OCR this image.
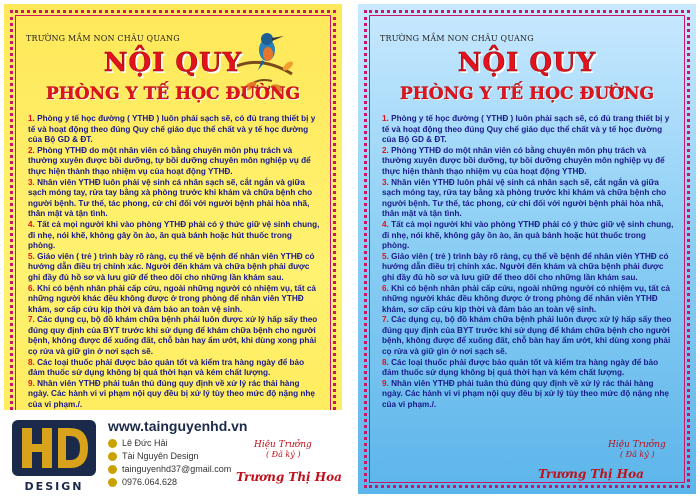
TRƯỜNG MẦM NON CHÂU QUANG
NỘI QUY
PHÒNG Y TẾ HỌC ĐƯỜNG

1. Phòng y tế học đường ( YTHĐ ) luôn phải sạch sẽ, có đủ trang thiết bị y tế và hoạt động theo đúng Quy chế giáo dục thể chất và y tế học đường của Bộ GD & ĐT.

2. Phòng YTHĐ do một nhân viên có bằng chuyên môn phụ trách và thường xuyên được bồi dưỡng, tự bồi dưỡng chuyên môn nghiệp vụ để thực hiện thành thạo nhiệm vụ của hoạt động YTHĐ.

3. Nhân viên YTHĐ luôn phải vệ sinh cá nhân sạch sẽ, cắt ngắn và giữa sạch móng tay, rửa tay bằng xà phòng trước khi khám và chữa bệnh cho người bệnh. Tư thế, tác phong, cử chỉ đối với người bệnh phải hòa nhã, thân mật và tận tình.

4. Tất cả mọi người khi vào phòng YTHĐ phải có ý thức giữ vệ sinh chung, đi nhẹ, nói khẽ, không gây ồn ào, ăn quà bánh hoặc hút thuốc trong phòng.

5. Giáo viên ( trẻ ) trình bày rõ ràng, cụ thể về bệnh để nhân viên YTHĐ có hướng dẫn điều trị chính xác. Người đến khám và chữa bệnh phải được ghi đầy đủ hồ sơ và lưu giữ để theo dõi cho những lần khám sau.

6. Khi có bệnh nhân phải cấp cứu, ngoài những người có nhiệm vụ, tất cả những người khác đều không được ở trong phòng để nhân viên YTHĐ khám, sơ cấp cứu kịp thời và đảm bảo an toàn vệ sinh.

7. Các dụng cụ, bộ đồ khám chữa bệnh phải luôn được xử lý hấp sấy theo đúng quy định của BYT trước khi sử dụng để khám chữa bệnh cho người bệnh, không được để xuống đất, chỗ bàn hay ẩm ướt, khi dùng xong phải cọ rửa và giữ gìn ở nơi sạch sẽ.

8. Các loại thuốc phải được bảo quản tốt và kiểm tra hàng ngày để bảo đảm thuốc sử dụng không bị quá thời hạn và kém chất lượng.

9. Nhân viên YTHĐ phải tuân thủ đúng quy định về xử lý rác thải hàng ngày. Các hành vi vi phạm nội quy đều bị xử lý tùy theo mức độ nặng nhẹ của vi phạm./.

TRƯỜNG MẦM NON CHÂU QUANG
NỘI QUY
PHÒNG Y TẾ HỌC ĐƯỜNG

1. Phòng y tế học đường ( YTHĐ ) luôn phải sạch sẽ, có đủ trang thiết bị y tế và hoạt động theo đúng Quy chế giáo dục thể chất và y tế học đường của Bộ GD & ĐT.

2. Phòng YTHĐ do một nhân viên có bằng chuyên môn phụ trách và thường xuyên được bồi dưỡng, tự bồi dưỡng chuyên môn nghiệp vụ để thực hiện thành thạo nhiệm vụ của hoạt động YTHĐ.

3. Nhân viên YTHĐ luôn phải vệ sinh cá nhân sạch sẽ, cắt ngắn và giữa sạch móng tay, rửa tay bằng xà phòng trước khi khám và chữa bệnh cho người bệnh. Tư thế, tác phong, cử chỉ đối với người bệnh phải hòa nhã, thân mật và tận tình.

4. Tất cả mọi người khi vào phòng YTHĐ phải có ý thức giữ vệ sinh chung, đi nhẹ, nói khẽ, không gây ồn ào, ăn quà bánh hoặc hút thuốc trong phòng.

5. Giáo viên ( trẻ ) trình bày rõ ràng, cụ thể về bệnh để nhân viên YTHĐ có hướng dẫn điều trị chính xác. Người đến khám và chữa bệnh phải được ghi đầy đủ hồ sơ và lưu giữ để theo dõi cho những lần khám sau.

6. Khi có bệnh nhân phải cấp cứu, ngoài những người có nhiệm vụ, tất cả những người khác đều không được ở trong phòng để nhân viên YTHĐ khám, sơ cấp cứu kịp thời và đảm bảo an toàn vệ sinh.

7. Các dụng cụ, bộ đồ khám chữa bệnh phải luôn được xử lý hấp sấy theo đúng quy định của BYT trước khi sử dụng để khám chữa bệnh cho người bệnh, không được để xuống đất, chỗ bàn hay ẩm ướt, khi dùng xong phải cọ rửa và giữ gìn ở nơi sạch sẽ.

8. Các loại thuốc phải được bảo quản tốt và kiểm tra hàng ngày để bảo đảm thuốc sử dụng không bị quá thời hạn và kém chất lượng.

9. Nhân viên YTHĐ phải tuân thủ đúng quy định về xử lý rác thải hàng ngày. Các hành vi vi phạm nội quy đều bị xử lý tùy theo mức độ nặng nhẹ của vi phạm./.

Hiệu Trưởng
( Đã ký )
Trương Thị Hoa
DESIGN
www.tainguyenhd.vn
Lê Đức Hải
Tài Nguyên Design
tainguyenhd37@gmail.com
0976.064.628
Hiệu Trưởng
( Đã ký )
Trương Thị Hoa
